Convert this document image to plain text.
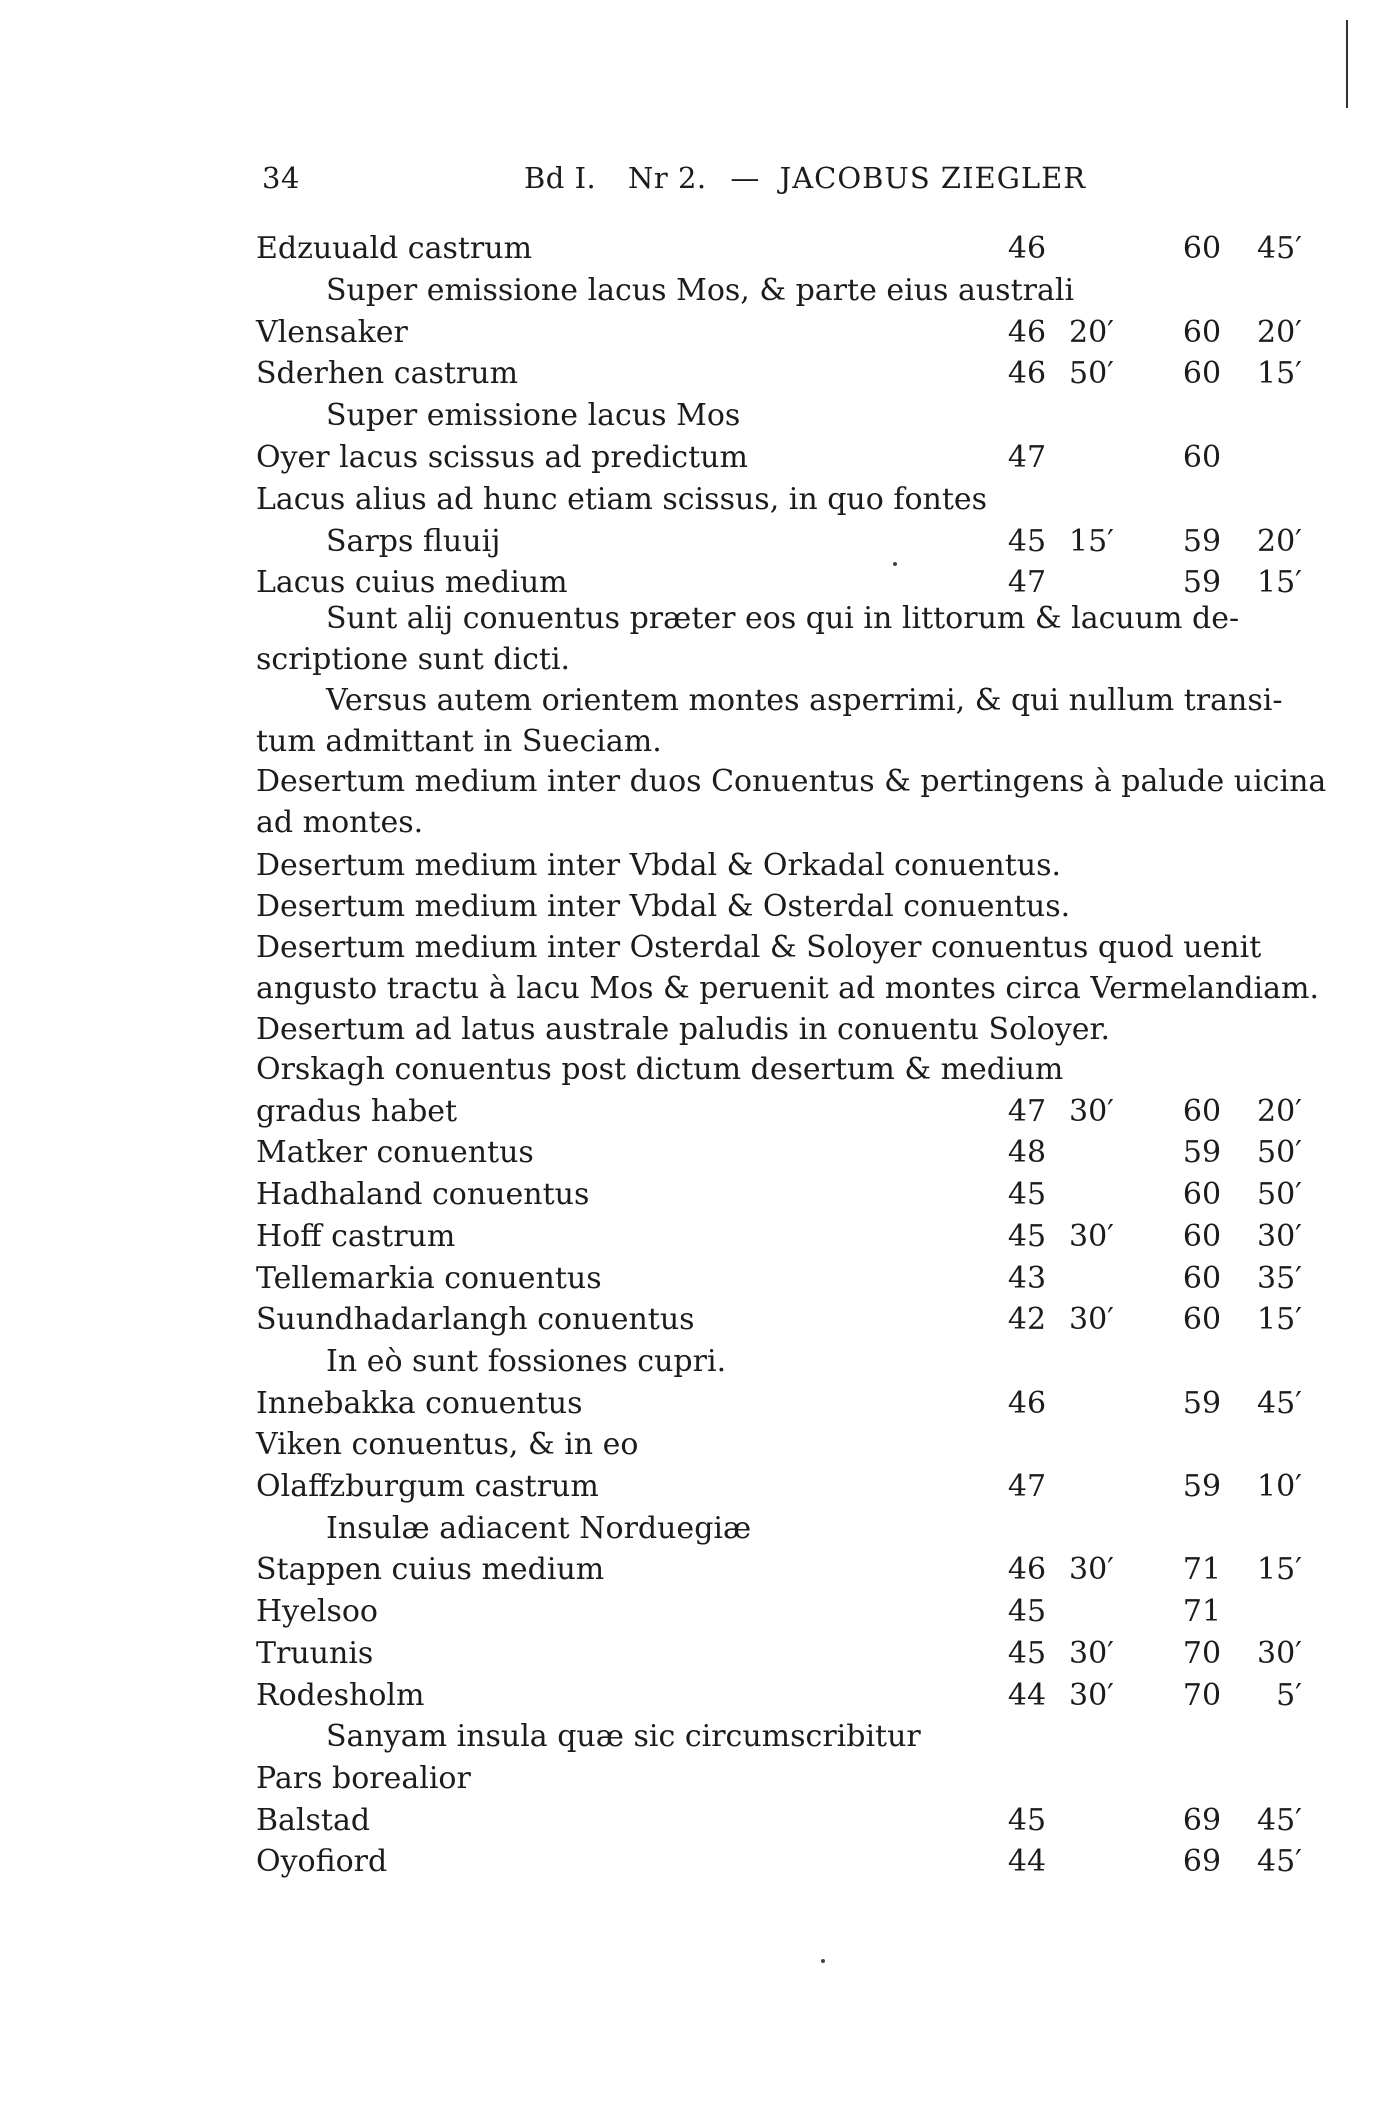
34	Bd I. Nr 2. — JACOBUS ZIEGLER
Edzuuald castrum	46	60	45′
Super emissione lacus Mos, & parte eius australi
Vlensaker	46 20′	60	20′
Sderhen castrum	46 50′	60	15′
Super emissione lacus Mos
Oyer lacus scissus ad predictum	47	60
Lacus alius ad hunc etiam scissus, in quo fontes
Sarps fluuij	45 15′	59	20′
Lacus cuius medium	47	59	15′
Sunt alij conuentus præter eos qui in littorum & lacuum de-
scriptione sunt dicti.
Versus autem orientem montes asperrimi, & qui nullum transi-
tum admittant in Sueciam.
Desertum medium inter duos Conuentus & pertingens à palude uicina
ad montes.
Desertum medium inter Vbdal & Orkadal conuentus.
Desertum medium inter Vbdal & Osterdal conuentus.
Desertum medium inter Osterdal & Soloyer conuentus quod uenit
angusto tractu à lacu Mos & peruenit ad montes circa Vermelandiam.
Desertum ad latus australe paludis in conuentu Soloyer.
Orskagh conuentus post dictum desertum & medium
gradus habet	47 30′	60	20′
Matker conuentus	48	59	50′
Hadhaland conuentus	45	60	50′
Hoff castrum	45 30′	60	30′
Tellemarkia conuentus	43	60	35′
Suundhadarlangh conuentus	42 30′	60	15′
In eò sunt fossiones cupri.
Innebakka conuentus	46	59	45′
Viken conuentus, & in eo
Olaffzburgum castrum	47	59	10′
Insulæ adiacent Norduegiæ
Stappen cuius medium	46 30′	71	15′
Hyelsoo	45	71
Truunis	45 30′	70	30′
Rodesholm	44 30′	70	5′
Sanyam insula quæ sic circumscribitur
Pars borealior
Balstad	45	69	45′
Oyofiord	44	69	45′
